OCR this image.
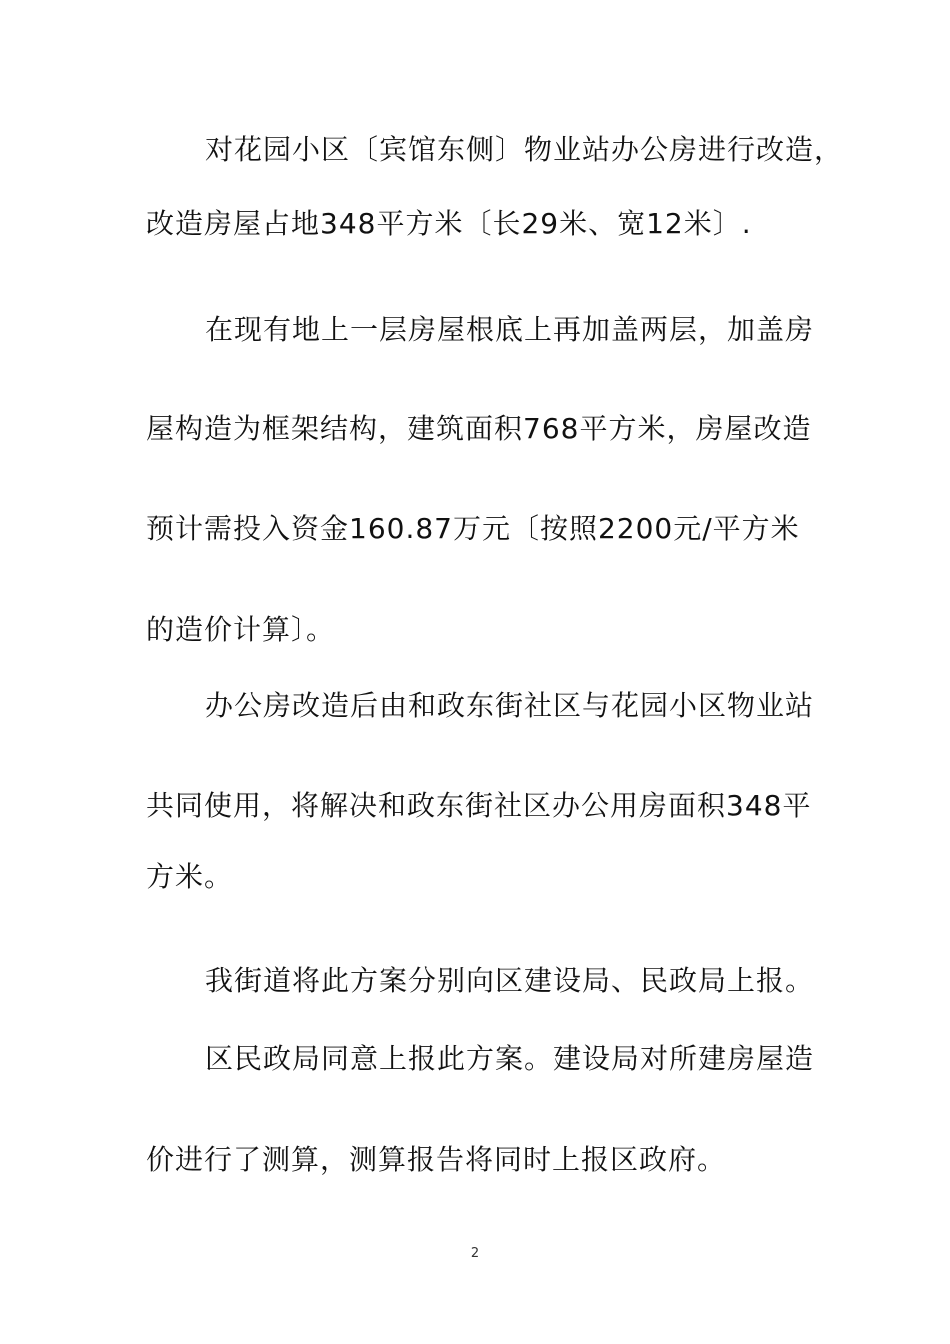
对花园小区〔宾馆东侧〕物业站办公房进行改造，
改造房屋占地348平方米〔长29米、宽12米〕.
在现有地上一层房屋根底上再加盖两层，加盖房
屋构造为框架结构，建筑面积768平方米，房屋改造
预计需投入资金160.87万元〔按照2200元/平方米
的造价计算〕。
办公房改造后由和政东街社区与花园小区物业站
共同使用，将解决和政东街社区办公用房面积348平
方米。
我街道将此方案分别向区建设局、民政局上报。
区民政局同意上报此方案。建设局对所建房屋造
价进行了测算，测算报告将同时上报区政府。
2
